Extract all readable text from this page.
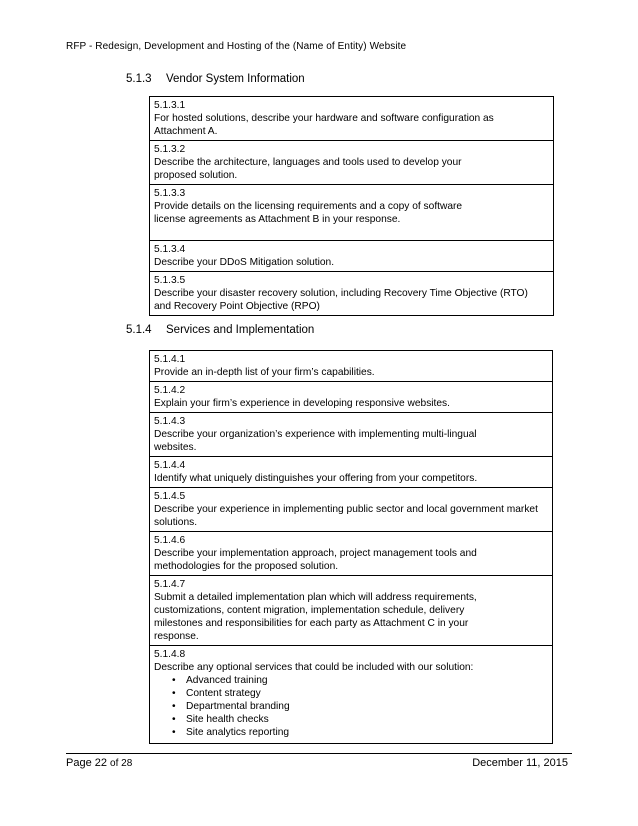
RFP - Redesign, Development and Hosting of the (Name of Entity) Website
5.1.3 Vendor System Information
5.1.3.1
For hosted solutions, describe your hardware and software configuration as
Attachment A.

5.1.3.2
Describe the architecture, languages and tools used to develop your
proposed solution.

5.1.3.3
Provide details on the licensing requirements and a copy of software
license agreements as Attachment B in your response.

5.1.3.4
Describe your DDoS Mitigation solution.

5.1.3.5
Describe your disaster recovery solution, including Recovery Time Objective (RTO)
and Recovery Point Objective (RPO)
5.1.4 Services and Implementation
5.1.4.1
Provide an in-depth list of your firm’s capabilities.

5.1.4.2
Explain your firm’s experience in developing responsive websites.

5.1.4.3
Describe your organization’s experience with implementing multi-lingual
websites.

5.1.4.4
Identify what uniquely distinguishes your offering from your competitors.

5.1.4.5
Describe your experience in implementing public sector and local government market
solutions.

5.1.4.6
Describe your implementation approach, project management tools and
methodologies for the proposed solution.

5.1.4.7
Submit a detailed implementation plan which will address requirements,
customizations, content migration, implementation schedule, delivery
milestones and responsibilities for each party as Attachment C in your
response.

5.1.4.8
Describe any optional services that could be included with our solution:
• Advanced training
• Content strategy
• Departmental branding
• Site health checks
• Site analytics reporting
Page 22 of 28	December 11, 2015
